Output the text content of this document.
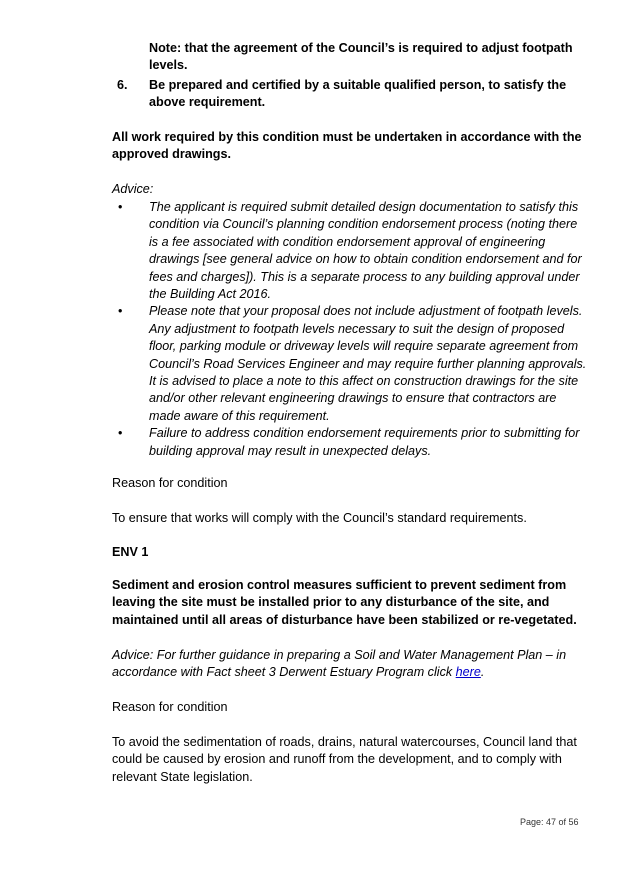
Note: that the agreement of the Council’s is required to adjust footpath levels.

6.	Be prepared and certified by a suitable qualified person, to satisfy the above requirement.

All work required by this condition must be undertaken in accordance with the approved drawings.

Advice:

•	The applicant is required submit detailed design documentation to satisfy this condition via Council’s planning condition endorsement process (noting there is a fee associated with condition endorsement approval of engineering drawings [see general advice on how to obtain condition endorsement and for fees and charges]). This is a separate process to any building approval under the Building Act 2016.
•	Please note that your proposal does not include adjustment of footpath levels. Any adjustment to footpath levels necessary to suit the design of proposed floor, parking module or driveway levels will require separate agreement from Council’s Road Services Engineer and may require further planning approvals. It is advised to place a note to this affect on construction drawings for the site and/or other relevant engineering drawings to ensure that contractors are made aware of this requirement.
•	Failure to address condition endorsement requirements prior to submitting for building approval may result in unexpected delays.

Reason for condition

To ensure that works will comply with the Council’s standard requirements.

ENV 1

Sediment and erosion control measures sufficient to prevent sediment from leaving the site must be installed prior to any disturbance of the site, and maintained until all areas of disturbance have been stabilized or re-vegetated.

Advice: For further guidance in preparing a Soil and Water Management Plan – in accordance with Fact sheet 3 Derwent Estuary Program click here.

Reason for condition

To avoid the sedimentation of roads, drains, natural watercourses, Council land that could be caused by erosion and runoff from the development, and to comply with relevant State legislation.

Page: 47 of 56
